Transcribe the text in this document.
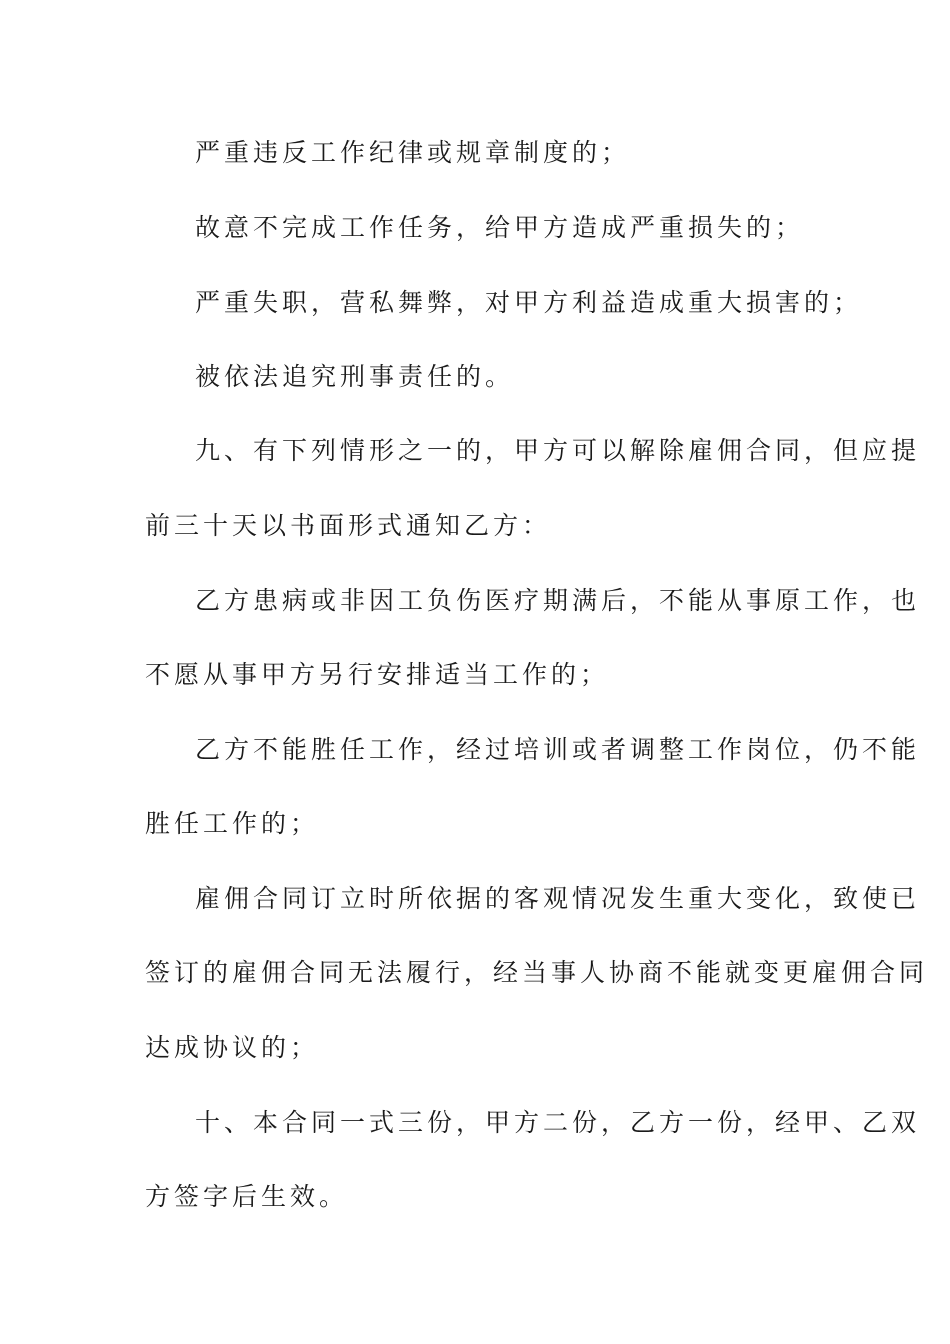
严重违反工作纪律或规章制度的；
故意不完成工作任务，给甲方造成严重损失的；
严重失职，营私舞弊，对甲方利益造成重大损害的；
被依法追究刑事责任的。
九、有下列情形之一的，甲方可以解除雇佣合同，但应提
前三十天以书面形式通知乙方：
乙方患病或非因工负伤医疗期满后，不能从事原工作，也
不愿从事甲方另行安排适当工作的；
乙方不能胜任工作，经过培训或者调整工作岗位，仍不能
胜任工作的；
雇佣合同订立时所依据的客观情况发生重大变化，致使已
签订的雇佣合同无法履行，经当事人协商不能就变更雇佣合同
达成协议的；
十、本合同一式三份，甲方二份，乙方一份，经甲、乙双
方签字后生效。
